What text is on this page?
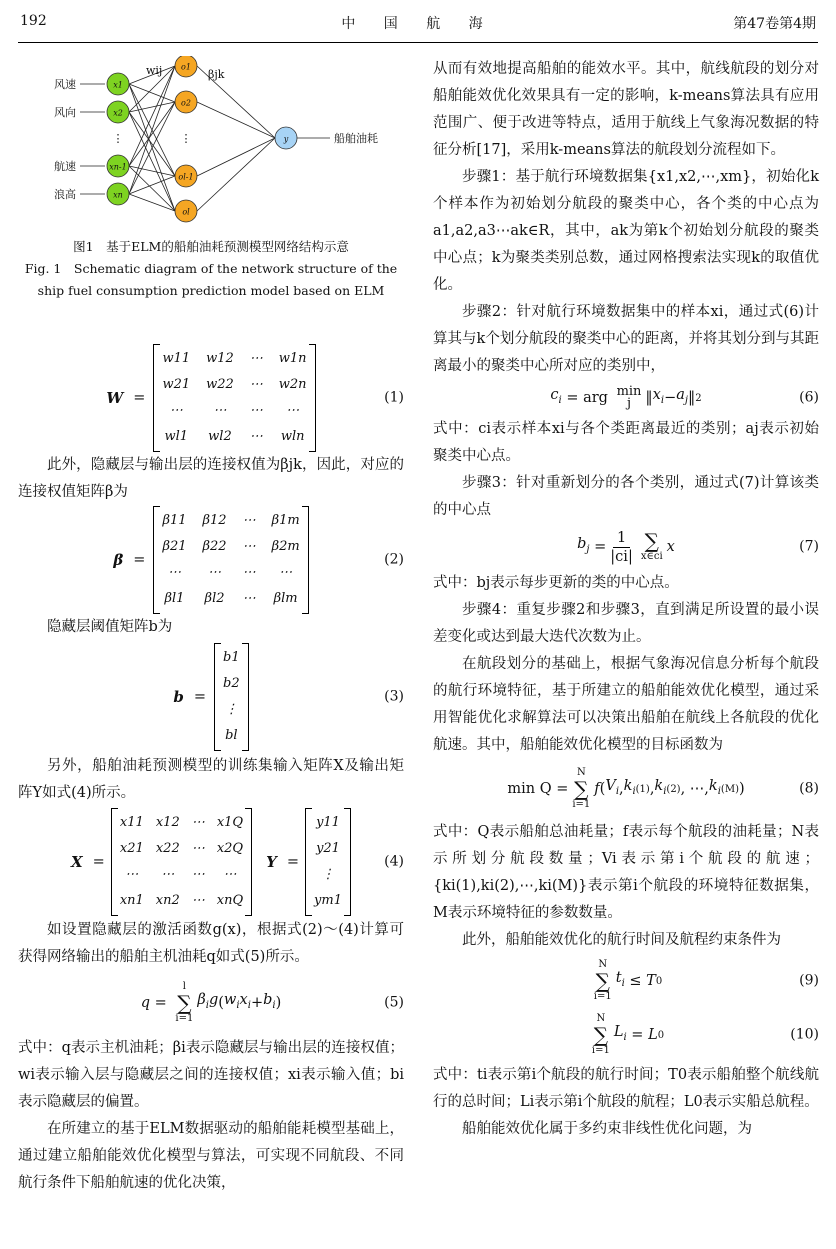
192	中 国 航 海	第47卷第4期
x1
x2
xn-1
xn
o1
o2
ol-1
ol
y
风速
风向
航速
浪高
船舶油耗
⋮	⋮
wij	βjk
图1　基于ELM的船舶油耗预测模型网络结构示意
Fig. 1　Schematic diagram of the network structure of the
ship fuel consumption prediction model based on ELM
W =
w11 w12 ⋯ w1n
w21 w22 ⋯ w2n
⋯	⋯	⋯	⋯
wl1 wl2 ⋯ wln
(1)
此外，隐藏层与输出层的连接权值为βjk，因此，对应的连接权值矩阵β为
β =
β11 β12 ⋯ β1m
β21 β22 ⋯ β2m
⋯	⋯	⋯	⋯
βl1 βl2 ⋯ βlm
(2)
隐藏层阈值矩阵b为
b =
b1
b2
⋮
bl
(3)
另外，船舶油耗预测模型的训练集输入矩阵X及输出矩阵Y如式(4)所示。
X =
x11 x12 ⋯ x1Q
x21 x22 ⋯ x2Q
⋯	⋯	⋯	⋯
xn1 xn2 ⋯ xnQ
Y =
y11
y21
⋮
ym1
(4)
如设置隐藏层的激活函数g(x)，根据式(2)～(4)计算可获得网络输出的船舶主机油耗q如式(5)所示。
q =
l
∑
i=1
$\beta_ig$ ( $w_ix_i + b_i$ )	(5)
式中：q表示主机油耗；βi表示隐藏层与输出层的连接权值；wi表示输入层与隐藏层之间的连接权值；xi表示输入值；bi表示隐藏层的偏置。
在所建立的基于ELM数据驱动的船舶能耗模型基础上，通过建立船舶能效优化模型与算法，可实现不同航段、不同航行条件下船舶航速的优化决策，
从而有效地提高船舶的能效水平。其中，航线航段的划分对船舶能效优化效果具有一定的影响，k-means算法具有应用范围广、便于改进等特点，适用于航线上气象海况数据的特征分析[17]，采用k-means算法的航段划分流程如下。
步骤1：基于航行环境数据集{x1,x2,⋯,xm}，初始化k个样本作为初始划分航段的聚类中心，各个类的中心点为a1,a2,a3⋯ak∈R，其中，ak为第k个初始划分航段的聚类中心点；k为聚类类别总数，通过网格搜索法实现k的取值优化。
步骤2：针对航行环境数据集中的样本xi，通过式(6)计算其与k个划分航段的聚类中心的距离，并将其划分到与其距离最小的聚类中心所对应的类别中，
$c_i$ = arg min
j ‖ $x_i - a_j$ ‖ 2	(6)
式中：ci表示样本xi与各个类距离最近的类别；aj表示初始聚类中心点。
步骤3：针对重新划分的各个类别，通过式(7)计算该类的中心点
$b_j = \frac{1}{|ci|}$ ∑
x∈ci
x	(7)
式中：bj表示每步更新的类的中心点。
步骤4：重复步骤2和步骤3，直到满足所设置的最小误差变化或达到最大迭代次数为止。
在航段划分的基础上，根据气象海况信息分析每个航段的航行环境特征，基于所建立的船舶能效优化模型，通过采用智能优化求解算法可以决策出船舶在航线上各航段的优化航速。其中，船舶能效优化模型的目标函数为
min Q =
N
∑
i=1
f ( $V_i$ , $k_i$ (1) , $k_i$ (2) , ⋯, $k_i$ (M) )	(8)
式中：Q表示船舶总油耗量；f表示每个航段的油耗量；N表示所划分航段数量；Vi表示第i个航段的航速；{ki(1),ki(2),⋯,ki(M)}表示第i个航段的环境特征数据集，M表示环境特征的参数数量。
此外，船舶能效优化的航行时间及航程约束条件为
N
∑
i=1
$t_i \le T$ 0	(9)
N
∑
i=1
$L_i = L$ 0	(10)
式中：ti表示第i个航段的航行时间；T0表示船舶整个航线航行的总时间；Li表示第i个航段的航程；L0表示实船总航程。
船舶能效优化属于多约束非线性优化问题，为
